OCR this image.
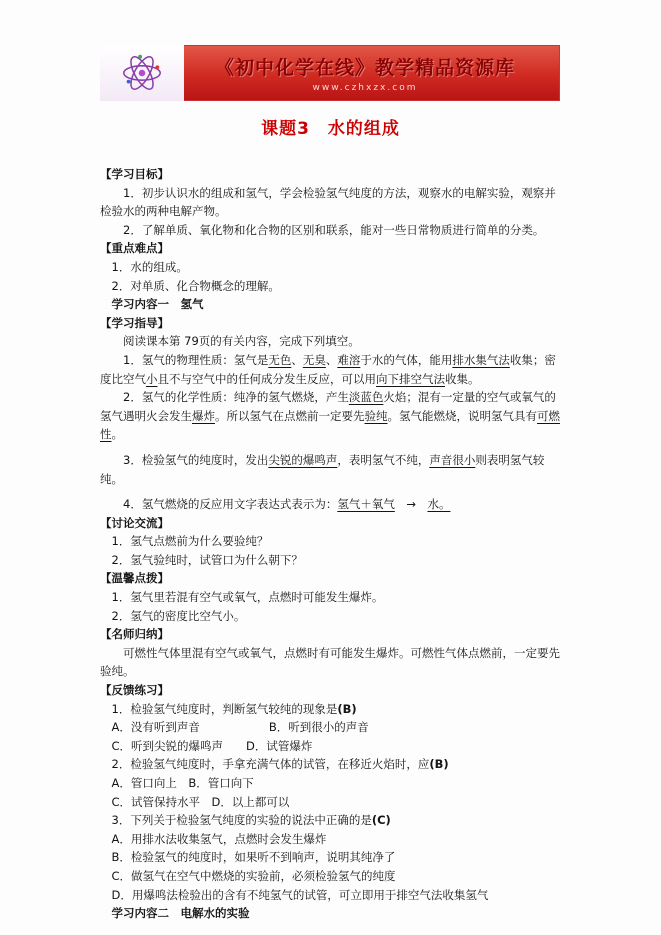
《初中化学在线》教学精品资源库
www.czhxzx.com
课题3　水的组成

【学习目标】

1．初步认识水的组成和氢气，学会检验氢气纯度的方法，观察水的电解实验，观察并检验水的两种电解产物。

2．了解单质、氧化物和化合物的区别和联系，能对一些日常物质进行简单的分类。

【重点难点】

1．水的组成。

2．对单质、化合物概念的理解。

学习内容一　氢气

【学习指导】

阅读课本第 79页的有关内容，完成下列填空。

1．氢气的物理性质：氢气是无色、无臭、难溶于水的气体，能用排水集气法收集；密度比空气小且不与空气中的任何成分发生反应，可以用向下排空气法收集。

2．氢气的化学性质：纯净的氢气燃烧，产生淡蓝色火焰；混有一定量的空气或氧气的氢气遇明火会发生爆炸。所以氢气在点燃前一定要先验纯。氢气能燃烧，说明氢气具有可燃性。

3．检验氢气的纯度时，发出尖锐的爆鸣声，表明氢气不纯，声音很小则表明氢气较纯。

4．氢气燃烧的反应用文字表达式表示为：氢气＋氧气　→　水。

【讨论交流】

1．氢气点燃前为什么要验纯？

2．氢气验纯时，试管口为什么朝下？

【温馨点拨】

1．氢气里若混有空气或氧气，点燃时可能发生爆炸。

2．氢气的密度比空气小。

【名师归纳】

可燃性气体里混有空气或氧气，点燃时有可能发生爆炸。可燃性气体点燃前，一定要先验纯。

【反馈练习】

1．检验氢气纯度时，判断氢气较纯的现象是(B)

A．没有听到声音　　　　　　B．听到很小的声音

C．听到尖锐的爆鸣声　　D．试管爆炸

2．检验氢气纯度时，手拿充满气体的试管，在移近火焰时，应(B)

A．管口向上　B．管口向下

C．试管保持水平　D．以上都可以

3．下列关于检验氢气纯度的实验的说法中正确的是(C)

A．用排水法收集氢气，点燃时会发生爆炸

B．检验氢气的纯度时，如果听不到响声，说明其纯净了

C．做氢气在空气中燃烧的实验前，必须检验氢气的纯度

D．用爆鸣法检验出的含有不纯氢气的试管，可立即用于排空气法收集氢气

学习内容二　电解水的实验
